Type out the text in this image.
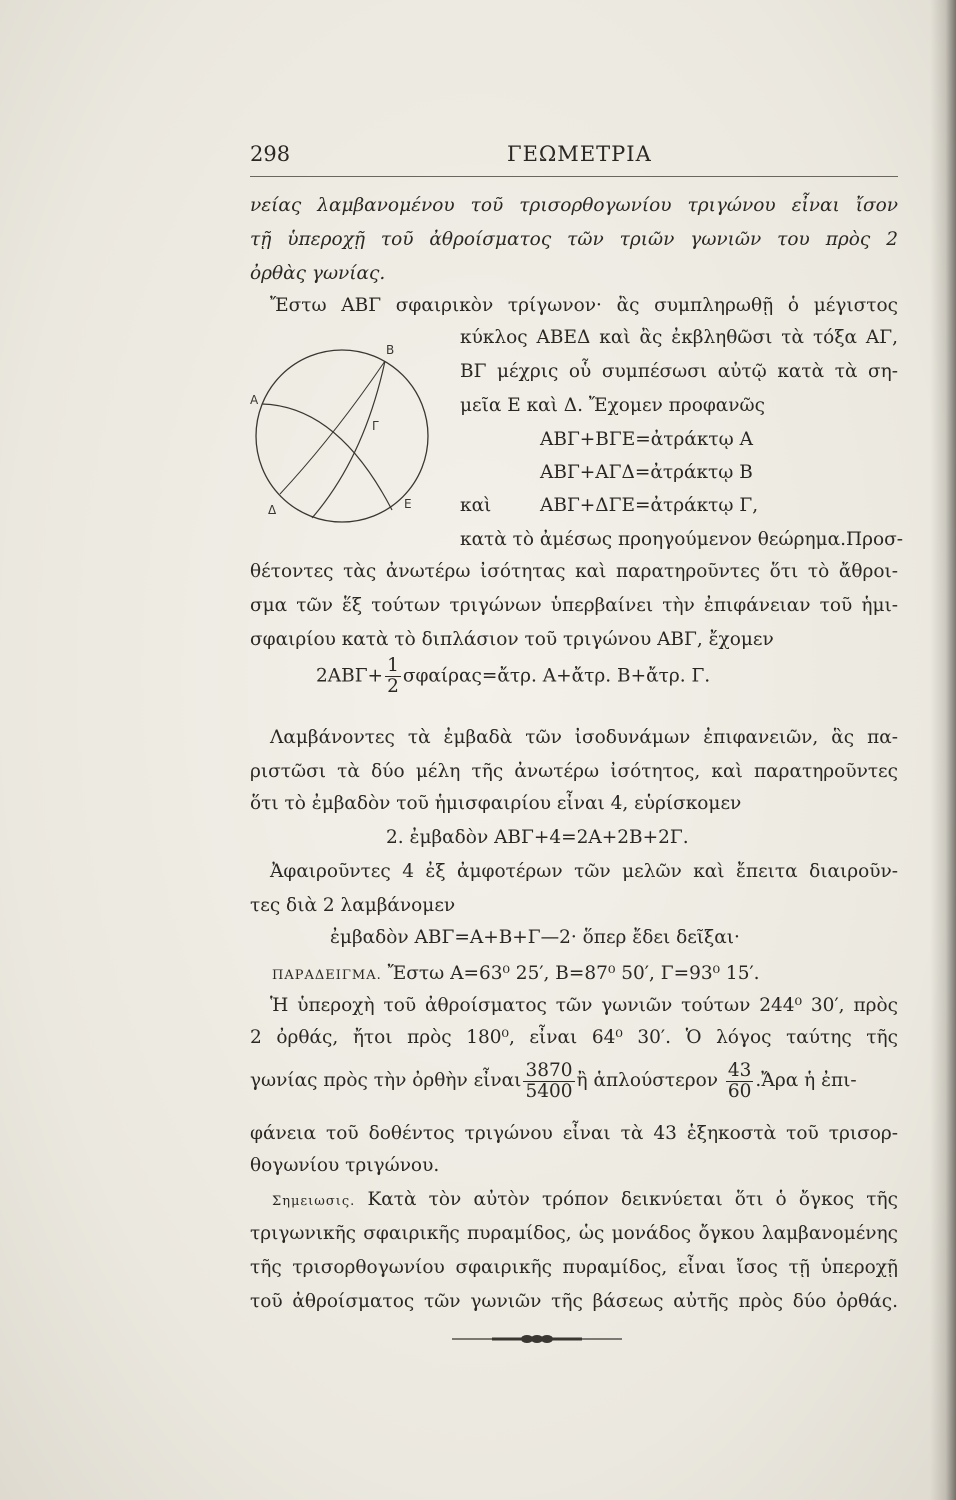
298	ΓΕΩΜΕΤΡΙΑ
νείας λαμβανομένου τοῦ τρισορθογωνίου τριγώνου εἶναι ἴσον
τῇ ὑπεροχῇ τοῦ ἀθροίσματος τῶν τριῶν γωνιῶν του πρὸς 2
ὀρθὰς γωνίας.
Ἔστω ΑΒΓ σφαιρικὸν τρίγωνον· ἂς συμπληρωθῇ ὁ μέγιστος
A
B
Γ
Δ	E
κύκλος ΑΒΕΔ καὶ ἂς ἐκβληθῶσι τὰ τόξα ΑΓ,
ΒΓ μέχρις οὗ συμπέσωσι αὐτῷ κατὰ τὰ ση-
μεῖα Ε καὶ Δ. Ἔχομεν προφανῶς
ΑΒΓ+ΒΓΕ=ἀτράκτῳ Α
ΑΒΓ+ΑΓΔ=ἀτράκτῳ Β
καὶ	ΑΒΓ+ΔΓΕ=ἀτράκτῳ Γ,
κατὰ τὸ ἀμέσως προηγούμενον θεώρημα.Προσ-
θέτοντες τὰς ἀνωτέρω ἰσότητας καὶ παρατηροῦντες ὅτι τὸ ἄθροι-
σμα τῶν ἕξ τούτων τριγώνων ὑπερβαίνει τὴν ἐπιφάνειαν τοῦ ἡμι-
σφαιρίου κατὰ τὸ διπλάσιον τοῦ τριγώνου ΑΒΓ, ἔχομεν
$2AB\Gamma+ \frac{1}{2}$ σφαίρας=ἄτρ. Α+ἄτρ. Β+ἄτρ. Γ.
Λαμβάνοντες τὰ ἐμβαδὰ τῶν ἰσοδυνάμων ἐπιφανειῶν, ἃς πα-
ριστῶσι τὰ δύο μέλη τῆς ἀνωτέρω ἰσότητος, καὶ παρατηροῦντες
ὅτι τὸ ἐμβαδὸν τοῦ ἡμισφαιρίου εἶναι 4, εὑρίσκομεν
2. ἐμβαδὸν ΑΒΓ+4=2Α+2Β+2Γ.
Ἀφαιροῦντες 4 ἐξ ἀμφοτέρων τῶν μελῶν καὶ ἔπειτα διαιροῦν-
τες διὰ 2 λαμβάνομεν
ἐμβαδὸν ΑΒΓ=Α+Β+Γ—2· ὅπερ ἔδει δεῖξαι·
ΠΑΡΑΔΕΙΓΜΑ. Ἔστω Α=63⁰ 25′, Β=87⁰ 50′, Γ=93⁰ 15′.
Ἡ ὑπεροχὴ τοῦ ἀθροίσματος τῶν γωνιῶν τούτων 244⁰ 30′, πρὸς
2 ὀρθάς, ἤτοι πρὸς 180⁰, εἶναι 64⁰ 30′. Ὁ λόγος ταύτης τῆς
γωνίας πρὸς τὴν ὀρθὴν εἶναι $\frac{3870}{5400}$ ἢ ἁπλούστερον $\frac{43}{60}$ .Ἄρα ἡ ἐπι-
φάνεια τοῦ δοθέντος τριγώνου εἶναι τὰ 43 ἑξηκοστὰ τοῦ τρισορ-
θογωνίου τριγώνου.
Σημειωσις. Κατὰ τὸν αὐτὸν τρόπον δεικνύεται ὅτι ὁ ὄγκος τῆς
τριγωνικῆς σφαιρικῆς πυραμίδος, ὡς μονάδος ὄγκου λαμβανομένης
τῆς τρισορθογωνίου σφαιρικῆς πυραμίδος, εἶναι ἴσος τῇ ὑπεροχῇ
τοῦ ἀθροίσματος τῶν γωνιῶν τῆς βάσεως αὐτῆς πρὸς δύο ὀρθάς.
